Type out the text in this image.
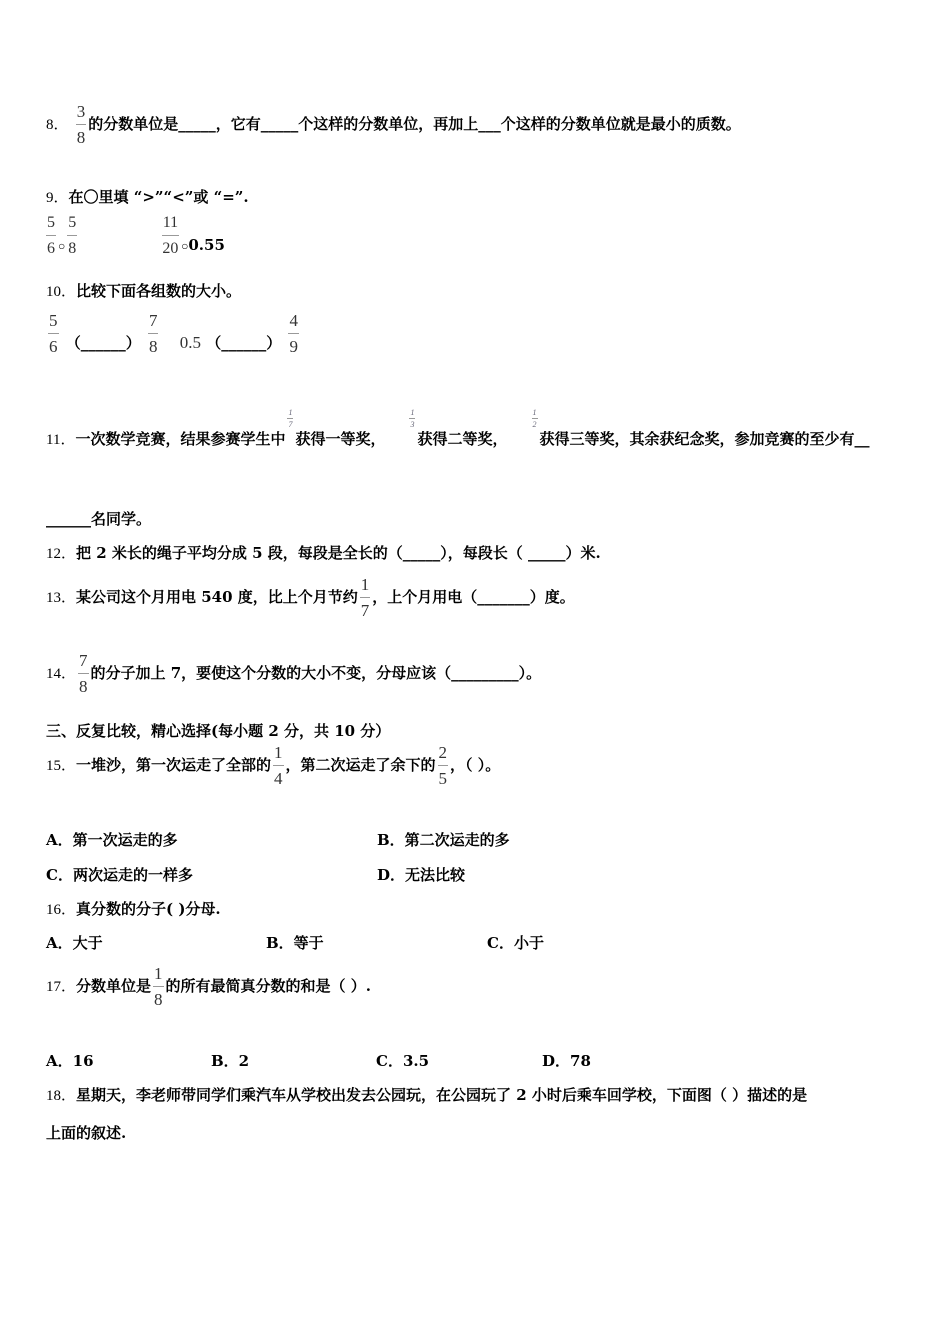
8． $\frac{3}{8}$ 的分数单位是_____，它有_____个这样的分数单位，再加上___个这样的分数单位就是最小的质数。
9．在〇里填 “>”“<”或 “=”.
$\frac{5}{6} _○ \frac{5}{8}$
	$\frac{11}{20} _○0.55$
10．比较下面各组数的大小。
$\frac{5}{6}$ （______） $\frac{7}{8} 0.5$ （______） $\frac{4}{9}$
11．一次数学竞赛，结果参赛学生中
$\frac{1}{7}$
获得一等奖，
$\frac{1}{3}$
获得二等奖，
$\frac{1}{2}$
获得三等奖，其余获纪念奖，参加竞赛的至少有__
______名同学。
12．把 2 米长的绳子平均分成 5 段，每段是全长的（_____），每段长（ _____）米.
13．某公司这个月用电 540 度，比上个月节约 $\frac{1}{7}$ ，上个月用电（_______）度。
14． $\frac{7}{8}$ 的分子加上 7，要使这个分数的大小不变，分母应该（_________）。
三、反复比较，精心选择(每小题 2 分，共 10 分）
15．一堆沙，第一次运走了全部的 $\frac{1}{4}$ ，第二次运走了余下的 $\frac{2}{5}$ ，（ ）。
A．第一次运走的多	B．第二次运走的多
C．两次运走的一样多	D．无法比较
16．真分数的分子( )分母.
A．大于	B．等于	C．小于
17．分数单位是 $\frac{1}{8}$ 的所有最简真分数的和是（ ）.
A．16	B．2	C．3.5	D．78
18．星期天，李老师带同学们乘汽车从学校出发去公园玩，在公园玩了 2 小时后乘车回学校，下面图（ ）描述的是
上面的叙述.
